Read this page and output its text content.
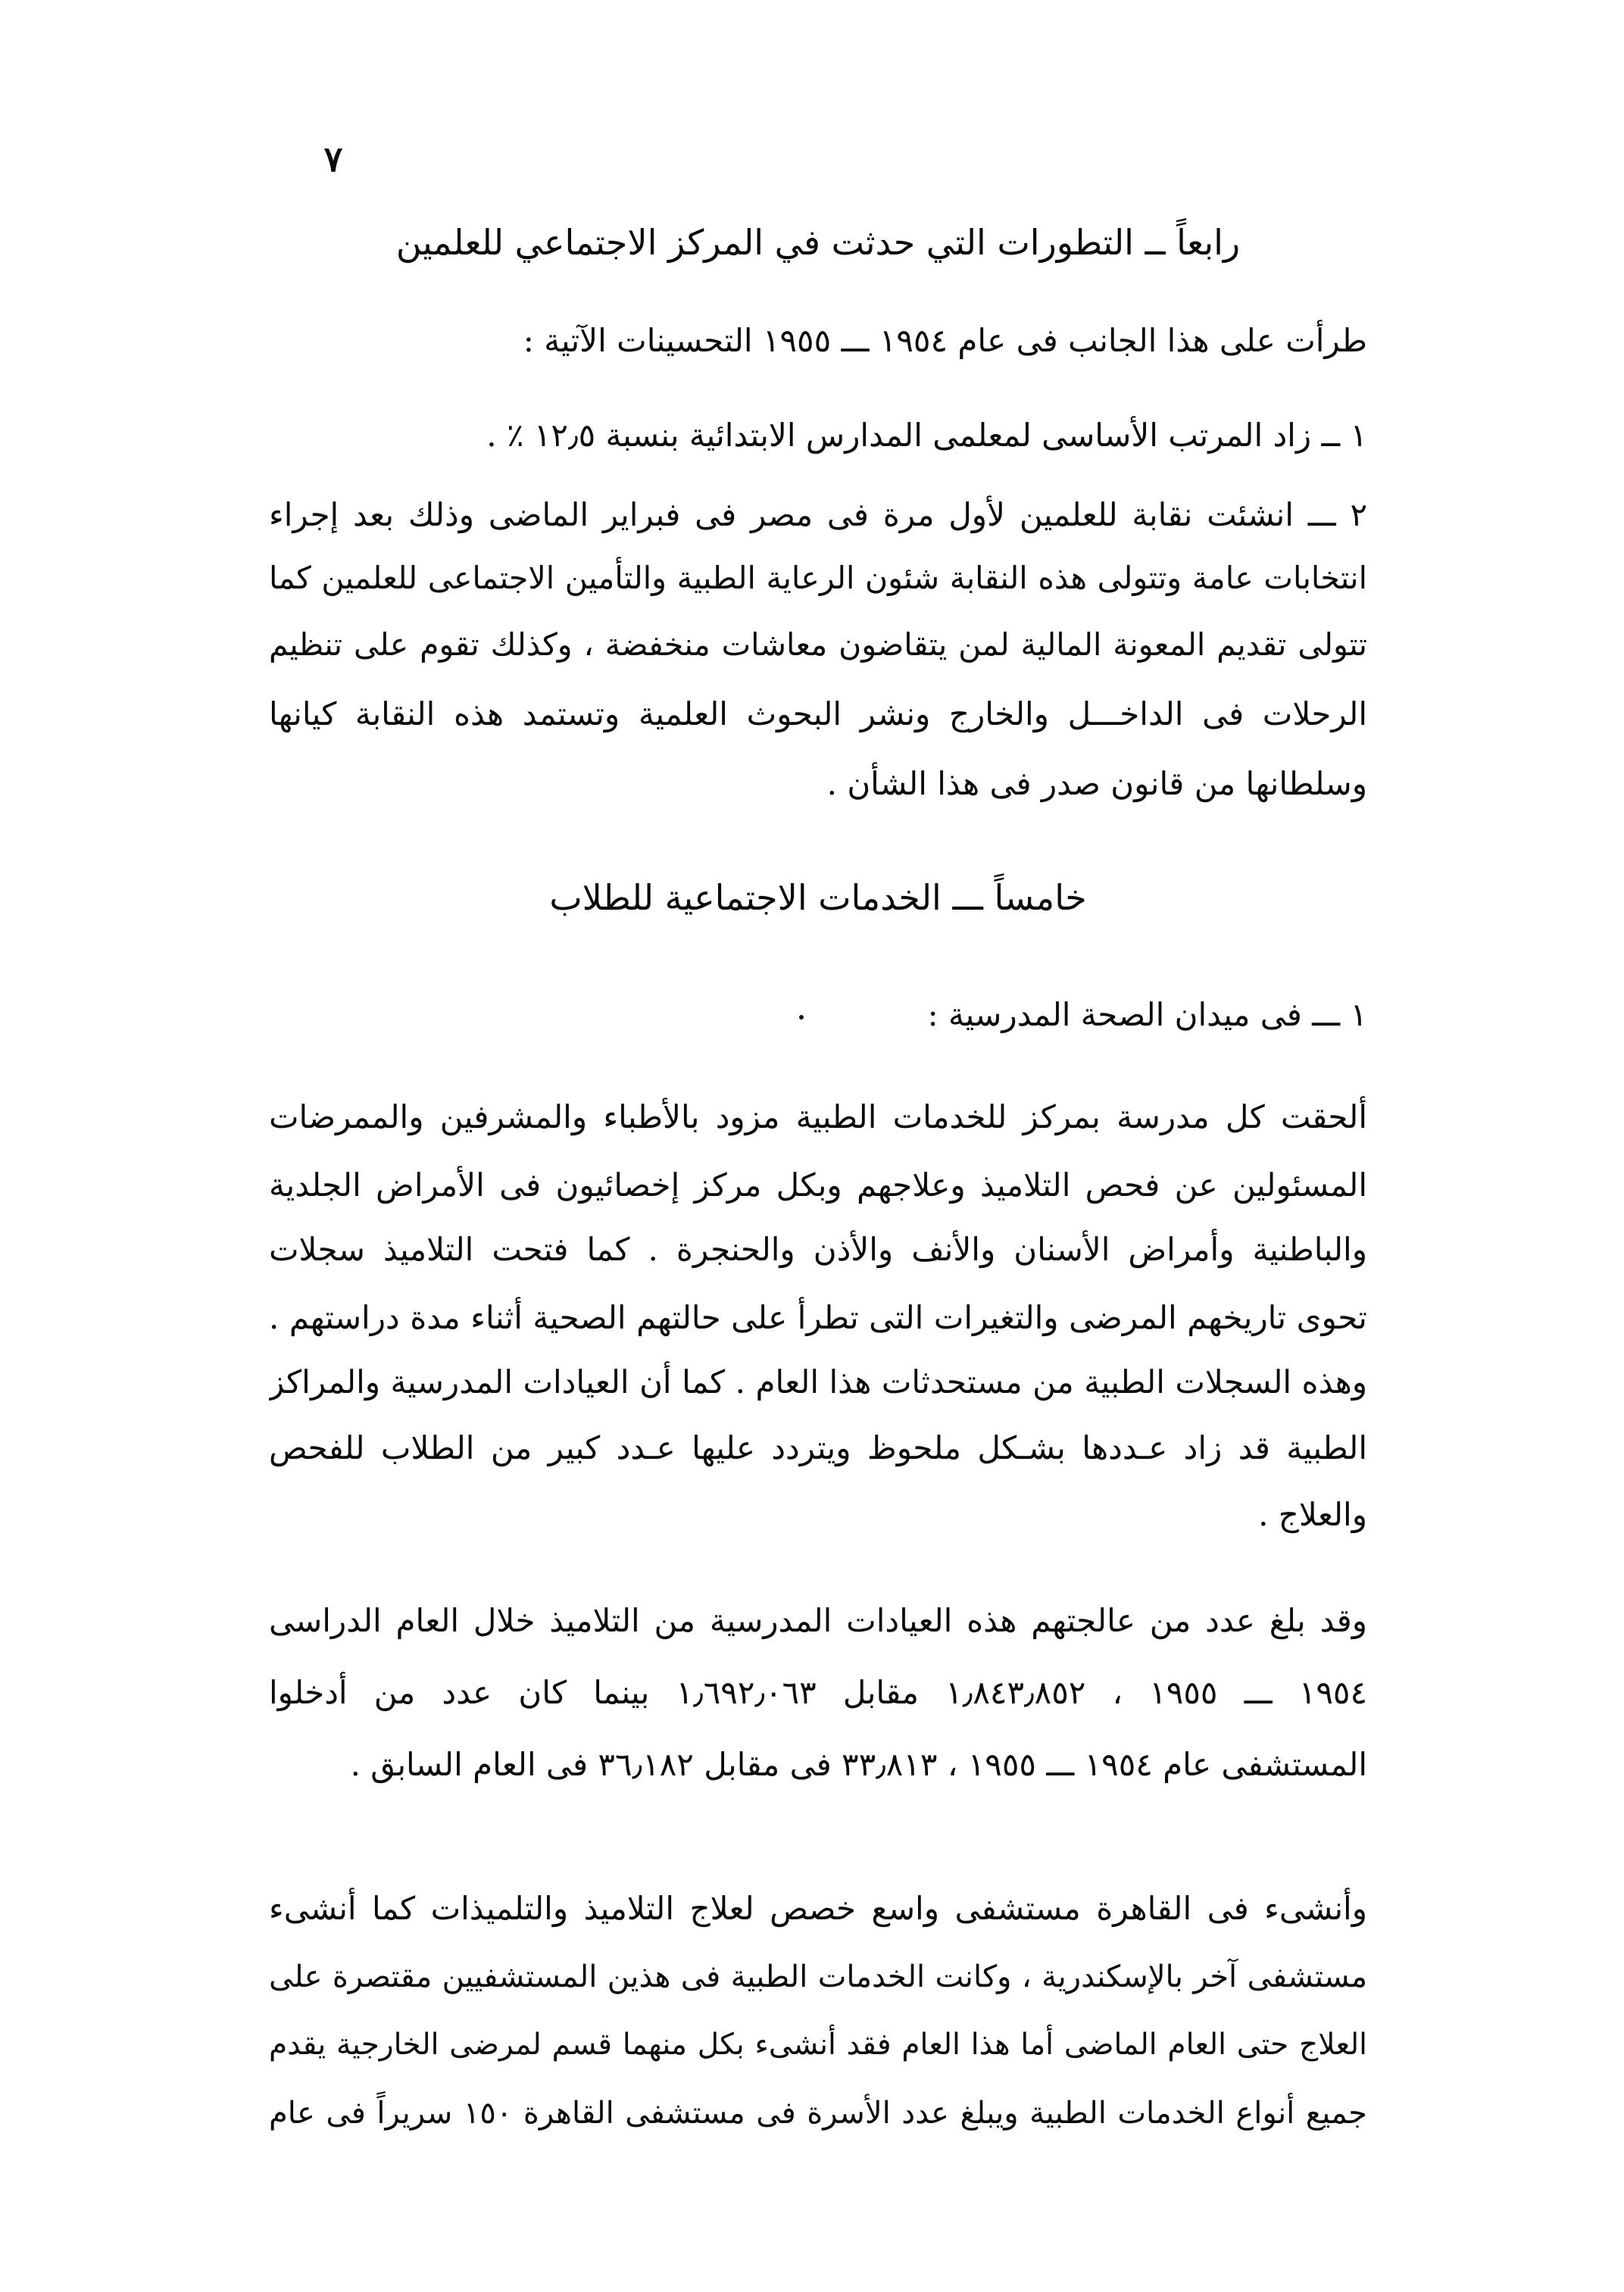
٧
رابعاً ــ التطورات التي حدثت في المركز الاجتماعي للعلمين
طرأت على هذا الجانب فى عام ١٩٥٤ ـــ ١٩٥٥ التحسينات الآتية :
١ ــ زاد المرتب الأساسى لمعلمى المدارس الابتدائية بنسبة ١٢٫٥ ٪ .
٢ ـــ انشئت نقابة للعلمين لأول مرة فى مصر فى فبراير الماضى وذلك بعد إجراء
انتخابات عامة وتتولى هذه النقابة شئون الرعاية الطبية والتأمين الاجتماعى للعلمين كما
تتولى تقديم المعونة المالية لمن يتقاضون معاشات منخفضة ، وكذلك تقوم على تنظيم
الرحلات فى الداخـــل والخارج ونشر البحوث العلمية وتستمد هذه النقابة كيانها
وسلطانها من قانون صدر فى هذا الشأن .
خامساً ـــ الخدمات الاجتماعية للطلاب
١ ـــ فى ميدان الصحة المدرسية :
ألحقت كل مدرسة بمركز للخدمات الطبية مزود بالأطباء والمشرفين والممرضات
المسئولين عن فحص التلاميذ وعلاجهم وبكل مركز إخصائيون فى الأمراض الجلدية
والباطنية وأمراض الأسنان والأنف والأذن والحنجرة . كما فتحت التلاميذ سجلات
تحوى تاريخهم المرضى والتغيرات التى تطرأ على حالتهم الصحية أثناء مدة دراستهم .
وهذه السجلات الطبية من مستحدثات هذا العام . كما أن العيادات المدرسية والمراكز
الطبية قد زاد عـددها بشـكل ملحوظ ويتردد عليها عـدد كبير من الطلاب للفحص
والعلاج .
وقد بلغ عدد من عالجتهم هذه العيادات المدرسية من التلاميذ خلال العام الدراسى
١٩٥٤ ـــ ١٩٥٥ ، ١٫٨٤٣٫٨٥٢ مقابل ١٫٦٩٢٫٠٦٣ بينما كان عدد من أدخلوا
المستشفى عام ١٩٥٤ ـــ ١٩٥٥ ، ٣٣٫٨١٣ فى مقابل ٣٦٫١٨٢ فى العام السابق .
وأنشىء فى القاهرة مستشفى واسع خصص لعلاج التلاميذ والتلميذات كما أنشىء
مستشفى آخر بالإسكندرية ، وكانت الخدمات الطبية فى هذين المستشفيين مقتصرة على
العلاج حتى العام الماضى أما هذا العام فقد أنشىء بكل منهما قسم لمرضى الخارجية يقدم
جميع أنواع الخدمات الطبية ويبلغ عدد الأسرة فى مستشفى القاهرة ١٥٠ سريراً فى عام
